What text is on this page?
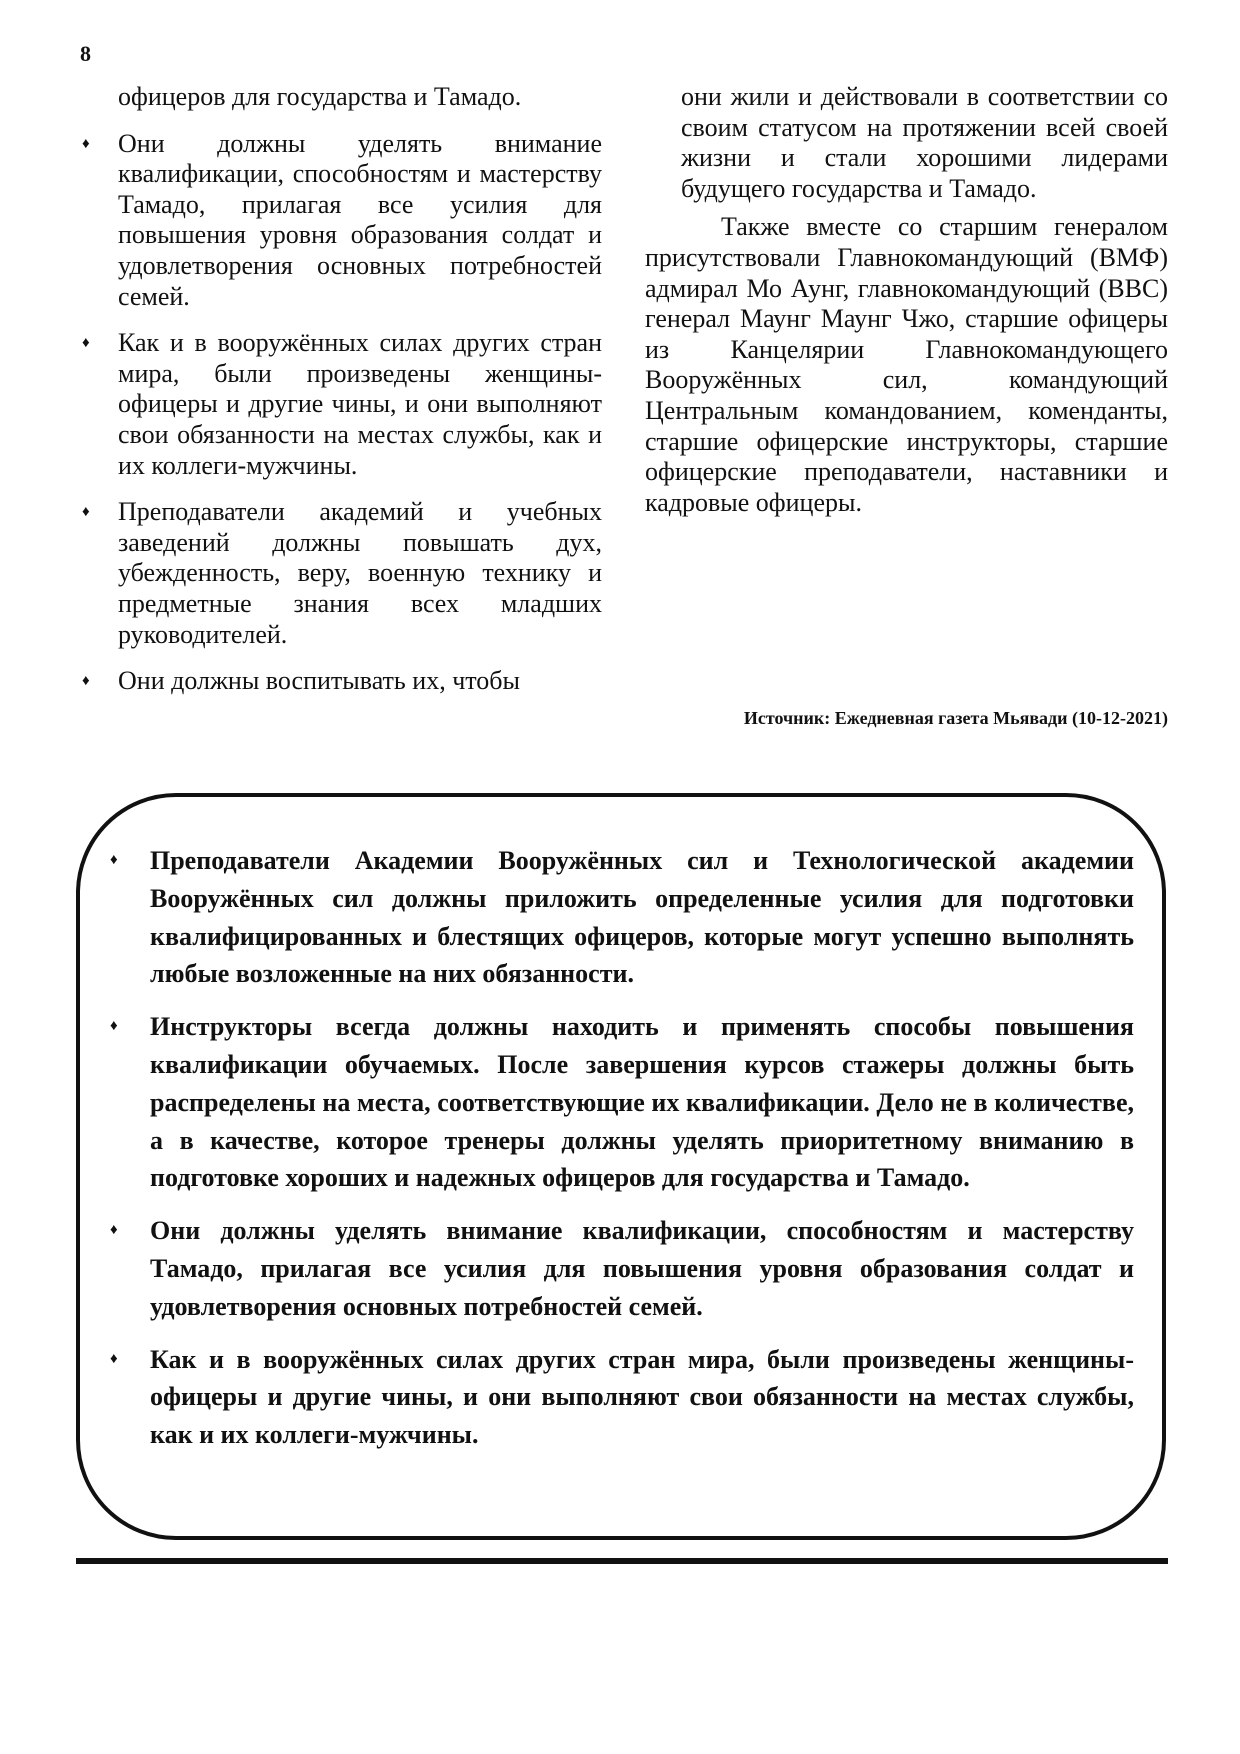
8

офицеров для государства и Тамадо.

♦ Они должны уделять внимание квалификации, способностям и мастерству Тамадо, прилагая все усилия для повышения уровня образования солдат и удовлетворения основных потребностей семей.
♦ Как и в вооружённых силах других стран мира, были произведены женщины-офицеры и другие чины, и они выполняют свои обязанности на местах службы, как и их коллеги-мужчины.
♦ Преподаватели академий и учебных заведений должны повышать дух, убежденность, веру, военную технику и предметные знания всех младших руководителей.
♦ Они должны воспитывать их, чтобы

они жили и действовали в соответствии со своим статусом на протяжении всей своей жизни и стали хорошими лидерами будущего государства и Тамадо.

Также вместе со старшим генералом присутствовали Главнокомандующий (ВМФ) адмирал Мо Аунг, главнокомандующий (ВВС) генерал Маунг Маунг Чжо, старшие офицеры из Канцелярии Главнокомандующего Вооружённых сил, командующий Центральным командованием, коменданты, старшие офицерские инструкторы, старшие офицерские преподаватели, наставники и кадровые офицеры.

Источник: Ежедневная газета Мьявади (10-12-2021)
♦ Преподаватели Академии Вооружённых сил и Технологической академии Вооружённых сил должны приложить определенные усилия для подготовки квалифицированных и блестящих офицеров, которые могут успешно выполнять любые возложенные на них обязанности.
♦ Инструкторы всегда должны находить и применять способы повышения квалификации обучаемых. После завершения курсов стажеры должны быть распределены на места, соответствующие их квалификации. Дело не в количестве, а в качестве, которое тренеры должны уделять приоритетному вниманию в подготовке хороших и надежных офицеров для государства и Тамадо.
♦ Они должны уделять внимание квалификации, способностям и мастерству Тамадо, прилагая все усилия для повышения уровня образования солдат и удовлетворения основных потребностей семей.
♦ Как и в вооружённых силах других стран мира, были произведены женщины-офицеры и другие чины, и они выполняют свои обязанности на местах службы, как и их коллеги-мужчины.
